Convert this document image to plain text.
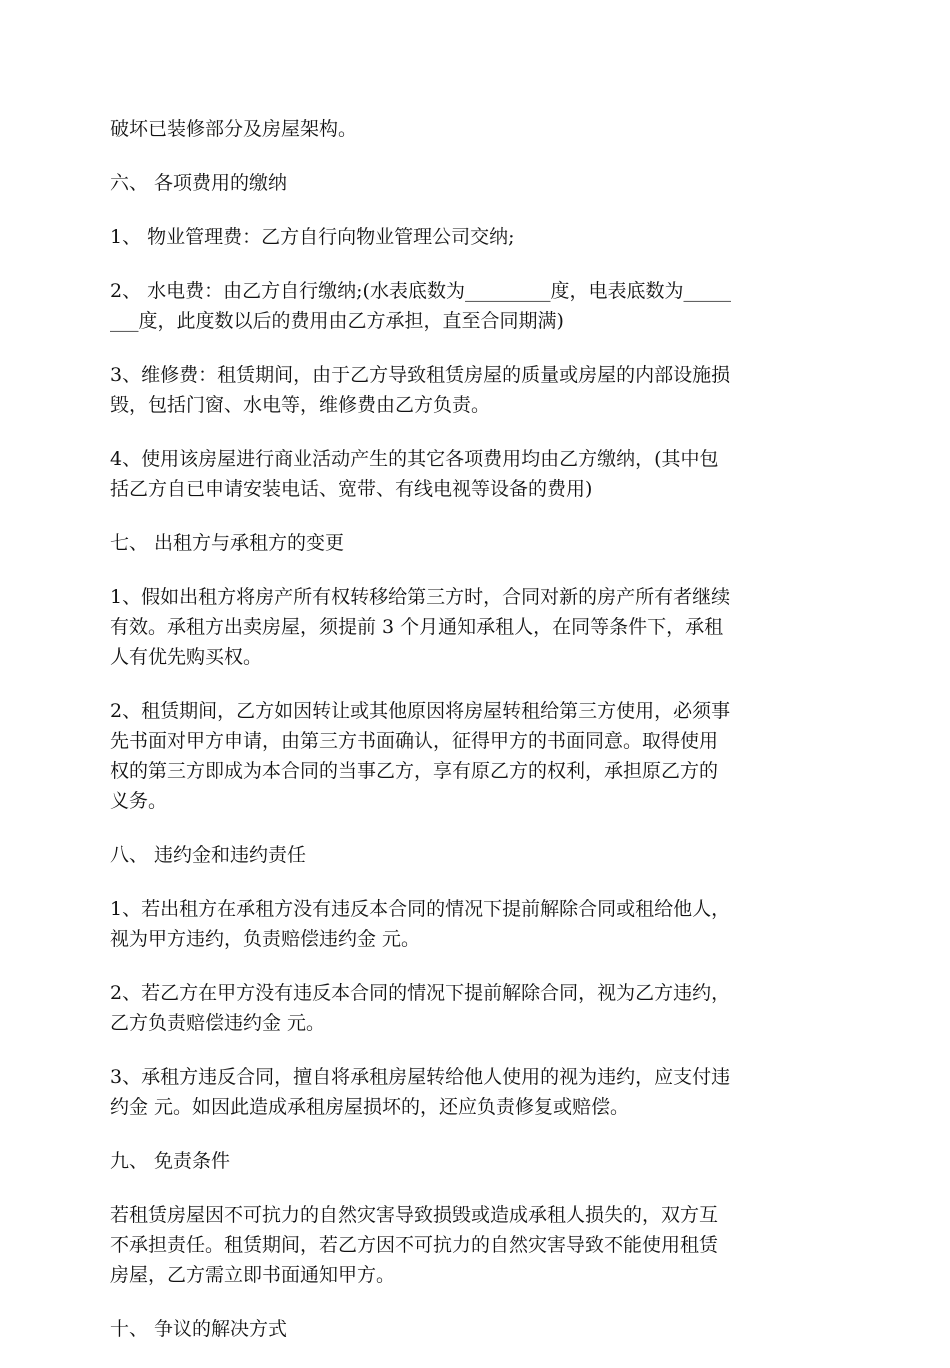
破坏已装修部分及房屋架构。

六、 各项费用的缴纳

1、 物业管理费：乙方自行向物业管理公司交纳;

2、 水电费：由乙方自行缴纳;(水表底数为_________度，电表底数为_____
___度，此度数以后的费用由乙方承担，直至合同期满)

3、维修费：租赁期间，由于乙方导致租赁房屋的质量或房屋的内部设施损
毁，包括门窗、水电等，维修费由乙方负责。

4、使用该房屋进行商业活动产生的其它各项费用均由乙方缴纳，(其中包
括乙方自已申请安装电话、宽带、有线电视等设备的费用)

七、 出租方与承租方的变更

1、假如出租方将房产所有权转移给第三方时，合同对新的房产所有者继续
有效。承租方出卖房屋，须提前 3 个月通知承租人，在同等条件下，承租
人有优先购买权。

2、租赁期间，乙方如因转让或其他原因将房屋转租给第三方使用，必须事
先书面对甲方申请，由第三方书面确认，征得甲方的书面同意。取得使用
权的第三方即成为本合同的当事乙方，享有原乙方的权利，承担原乙方的
义务。

八、 违约金和违约责任

1、若出租方在承租方没有违反本合同的情况下提前解除合同或租给他人，
视为甲方违约，负责赔偿违约金 元。

2、若乙方在甲方没有违反本合同的情况下提前解除合同，视为乙方违约，
乙方负责赔偿违约金 元。

3、承租方违反合同，擅自将承租房屋转给他人使用的视为违约，应支付违
约金 元。如因此造成承租房屋损坏的，还应负责修复或赔偿。

九、 免责条件

若租赁房屋因不可抗力的自然灾害导致损毁或造成承租人损失的，双方互
不承担责任。租赁期间，若乙方因不可抗力的自然灾害导致不能使用租赁
房屋，乙方需立即书面通知甲方。

十、 争议的解决方式
